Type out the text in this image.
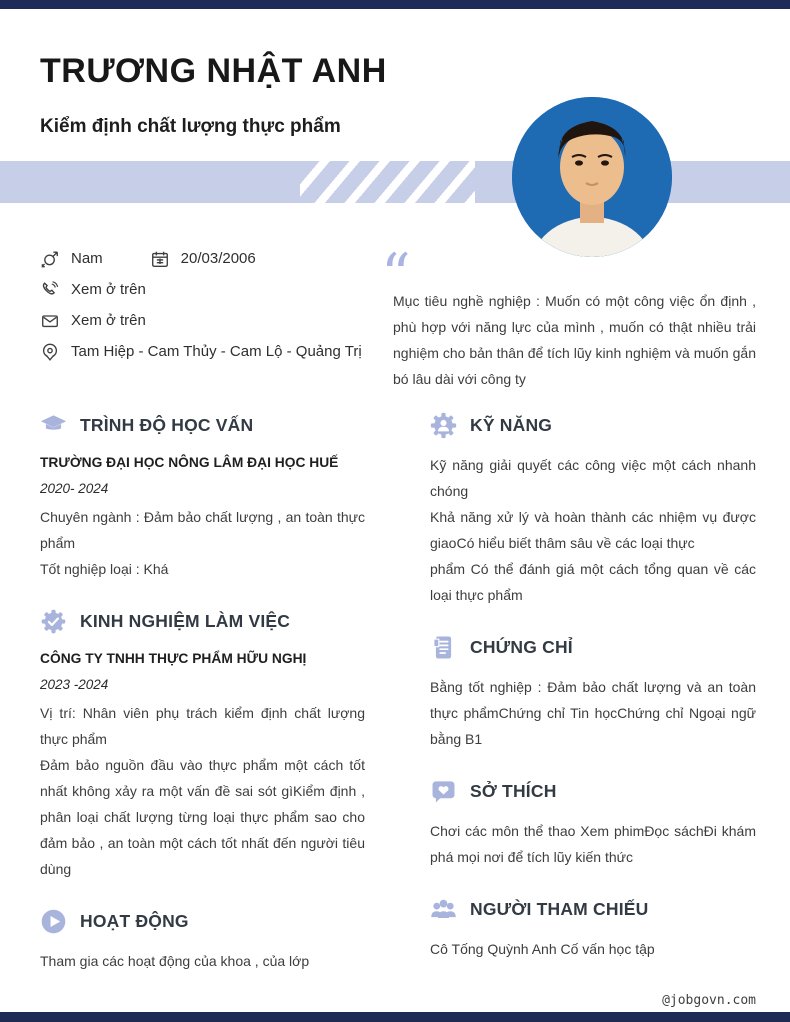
TRƯƠNG NHẬT ANH
Kiểm định chất lượng thực phẩm
Nam	20/03/2006
Xem ở trên
Xem ở trên
Tam Hiệp - Cam Thủy - Cam Lộ - Quảng Trị
“
Mục tiêu nghề nghiệp : Muốn có một công việc ổn định , phù hợp với năng lực của mình , muốn có thật nhiều trải nghiệm cho bản thân để tích lũy kinh nghiệm và muốn gắn bó lâu dài với công ty
TRÌNH ĐỘ HỌC VẤN

TRƯỜNG ĐẠI HỌC NÔNG LÂM ĐẠI HỌC HUẾ

2020- 2024

Chuyên ngành : Đảm bảo chất lượng , an toàn thực phẩm

Tốt nghiệp loại : Khá

KINH NGHIỆM LÀM VIỆC

CÔNG TY TNHH THỰC PHẨM HỮU NGHỊ

2023 -2024

Vị trí: Nhân viên phụ trách kiểm định chất lượng thực phẩm

Đảm bảo nguồn đầu vào thực phẩm một cách tốt nhất không xảy ra một vấn đề sai sót gìKiểm định , phân loại chất lượng từng loại thực phẩm sao cho đảm bảo , an toàn một cách tốt nhất đến người tiêu dùng

HOẠT ĐỘNG

Tham gia các hoạt động của khoa , của lớp

KỸ NĂNG

Kỹ năng giải quyết các công việc một cách nhanh chóng

Khả năng xử lý và hoàn thành các nhiệm vụ được giaoCó hiểu biết thâm sâu về các loại thực

phẩm Có thể đánh giá một cách tổng quan về các loại thực phẩm

CHỨNG CHỈ

Bằng tốt nghiệp : Đảm bảo chất lượng và an toàn thực phẩmChứng chỉ Tin họcChứng chỉ Ngoại ngữ bằng B1

SỞ THÍCH

Chơi các môn thể thao Xem phimĐọc sáchĐi khám phá mọi nơi để tích lũy kiến thức

NGƯỜI THAM CHIẾU

Cô Tống Quỳnh Anh Cố vấn học tập

@jobgovn.com
